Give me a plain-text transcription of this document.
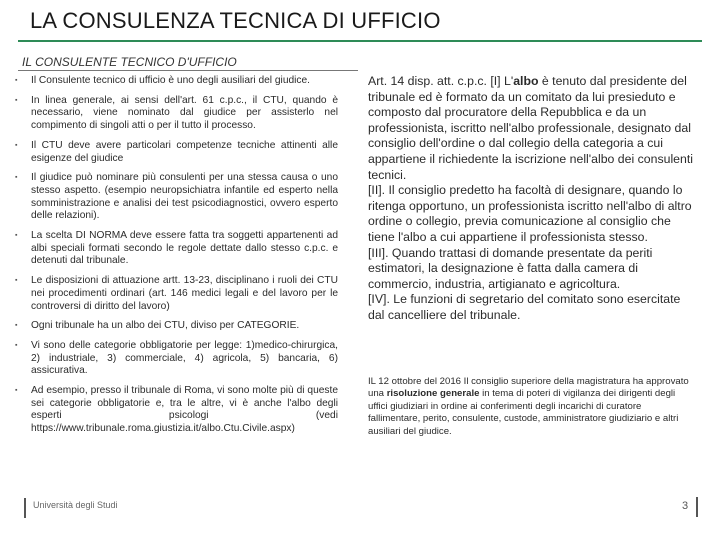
LA CONSULENZA TECNICA DI UFFICIO
IL CONSULENTE TECNICO D'UFFICIO
▪ Il Consulente tecnico di ufficio è uno degli ausiliari del giudice.
▪ In linea generale, ai sensi dell'art. 61 c.p.c., il CTU, quando è necessario, viene nominato dal giudice per assisterlo nel compimento di singoli atti o per il tutto il processo.
▪ Il CTU deve avere particolari competenze tecniche attinenti alle esigenze del giudice
▪ Il giudice può nominare più consulenti per una stessa causa o uno stesso aspetto. (esempio neuropsichiatra infantile ed esperto nella somministrazione e analisi dei test psicodiagnostici, ovvero esperto delle relazioni).
▪ La scelta DI NORMA deve essere fatta tra soggetti appartenenti ad albi speciali formati secondo le regole dettate dallo stesso c.p.c. e detenuti dal tribunale.
▪ Le disposizioni di attuazione artt. 13-23, disciplinano i ruoli dei CTU nei procedimenti ordinari (art. 146 medici legali e del lavoro per le controversi di diritto del lavoro)
▪ Ogni tribunale ha un albo dei CTU, diviso per CATEGORIE.
▪ Vi sono delle categorie obbligatorie per legge: 1)medico-chirurgica, 2) industriale, 3) commerciale, 4) agricola, 5) bancaria, 6) assicurativa.
▪ Ad esempio, presso il tribunale di Roma, vi sono molte più di queste sei categorie obbligatorie e, tra le altre, vi è anche l'albo degli esperti psicologi (vedi https://www.tribunale.roma.giustizia.it/albo.Ctu.Civile.aspx)

Art. 14 disp. att. c.p.c. [I] L'albo è tenuto dal presidente del tribunale ed è formato da un comitato da lui presieduto e composto dal procuratore della Repubblica e da un professionista, iscritto nell'albo professionale, designato dal consiglio dell'ordine o dal collegio della categoria a cui appartiene il richiedente la iscrizione nell'albo dei consulenti tecnici.

[II]. Il consiglio predetto ha facoltà di designare, quando lo ritenga opportuno, un professionista iscritto nell'albo di altro ordine o collegio, previa comunicazione al consiglio che tiene l'albo a cui appartiene il professionista stesso.

[III]. Quando trattasi di domande presentate da periti estimatori, la designazione è fatta dalla camera di commercio, industria, artigianato e agricoltura.

[IV]. Le funzioni di segretario del comitato sono esercitate dal cancelliere del tribunale.

IL 12 ottobre del 2016 Il consiglio superiore della magistratura ha approvato una risoluzione generale in tema di poteri di vigilanza dei dirigenti degli uffici giudiziari in ordine ai conferimenti degli incarichi di curatore fallimentare, perito, consulente, custode, amministratore giudiziario e altri ausiliari del giudice.
Università degli Studi	3
